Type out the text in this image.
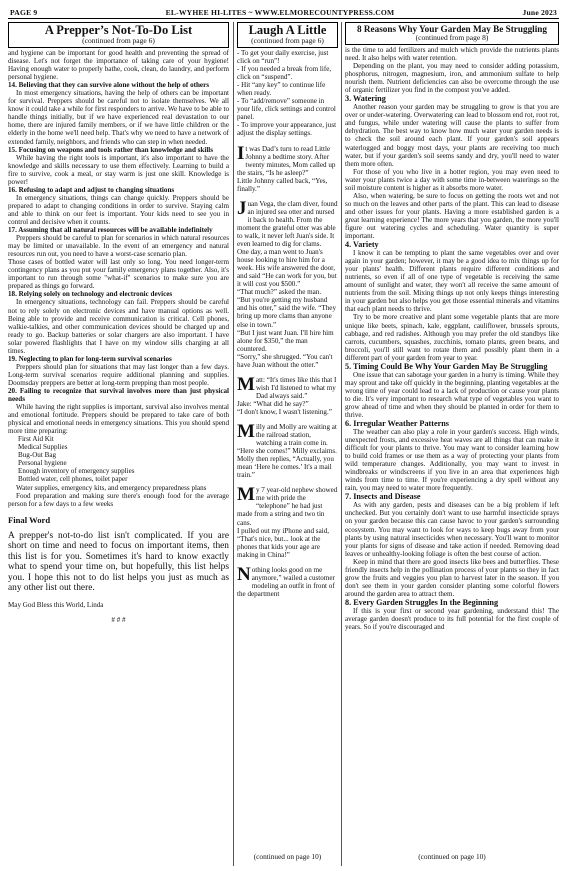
PAGE 9	EL-WYHEE HI-LITES ~ WWW.ELMORECOUNTYPRESS.COM	June 2023
A Prepper’s Not-To-Do List
(continued from page 6)

and hygiene can be important for good health and preventing the spread of disease. Let's not forget the importance of taking care of your hygiene! Having enough water to properly bathe, cook, clean, do laundry, and perform personal hygiene.

14. Believing that they can survive alone without the help of others

In most emergency situations, having the help of others can be important for survival. Preppers should be careful not to isolate themselves. We all know it could take a while for first responders to arrive. We have to be able to handle things initially, but if we have experienced real devastation to our home, there are injured family members, or if we have little children or the elderly in the home we'll need help. That's why we need to have a network of extended family, neighbors, and friends who can step in when needed.

15. Focusing on weapons and tools rather than knowledge and skills

While having the right tools is important, it's also important to have the knowledge and skills necessary to use them effectively. Learning to build a fire to survive, cook a meal, or stay warm is just one skill. Knowledge is power!

16. Refusing to adapt and adjust to changing situations

In emergency situations, things can change quickly. Preppers should be prepared to adapt to changing conditions in order to survive. Staying calm and able to think on our feet is important. Your kids need to see you in control and decisive when it counts.

17. Assuming that all natural resources will be available indefinitely

Preppers should be careful to plan for scenarios in which natural resources may be limited or unavailable. In the event of an emergency and natural resources run out, you need to have a worst-case scenario plan.

Those cases of bottled water will last only so long. You need longer-term contingency plans as you put your family emergency plans together. Also, it's important to run through some "what-if" scenarios to make sure you are prepared as things go forward.

18. Relying solely on technology and electronic devices

In emergency situations, technology can fail. Preppers should be careful not to rely solely on electronic devices and have manual options as well. Being able to provide and receive communication is critical. Cell phones, walkie-talkies, and other communication devices should be charged up and ready to go. Backup batteries or solar chargers are also important. I have solar powered flashlights that I have on my window sills charging at all times.

19. Neglecting to plan for long-term survival scenarios

Preppers should plan for situations that may last longer than a few days. Long-term survival scenarios require additional planning and supplies. Doomsday preppers are better at long-term prepping than most people.

20. Failing to recognize that survival involves more than just physical needs

While having the right supplies is important, survival also involves mental and emotional fortitude. Preppers should be prepared to take care of both physical and emotional needs in emergency situations. This you should spend more time preparing:

First Aid Kit

Medical Supplies

Bug-Out Bag

Personal hygiene

Enough inventory of emergency supplies

Bottled water, cell phones, toilet paper

Water supplies, emergency kits, and emergency preparedness plans

Food preparation and making sure there's enough food for the average person for a few days to a few weeks

Final Word

A prepper's not-to-do list isn't complicated. If you are short on time and need to focus on important items, then this list is for you. Sometimes it's hard to know exactly what to spend your time on, but hopefully, this list helps you. I hope this not to do list helps you just as much as any other list out there.

May God Bless this World, Linda

# # #

Laugh A Little
(continued from page 6)

- To get your daily exercise, just click on “run”!
- If you needed a break from life, click on “suspend”.
- Hit “any key” to continue life when ready.
- To “add/remove” someone in your life, click settings and control panel.
- To improve your appearance, just adjust the display settings.

It was Dad’s turn to read Little Johnny a bedtime story. After twenty minutes, Mom called up the stairs, “Is he asleep?”
Little Johnny called back, “Yes, finally.”

Juan Vega, the clam diver, found an injured sea otter and nursed it back to health. From the moment the grateful otter was able to walk, it never left Juan's side. It even learned to dig for clams.
One day, a man went to Juan's house looking to hire him for a week. His wife answered the door, and said “He can work for you, but it will cost you $500.”
“That much?” asked the man.
“But you're getting my husband and his otter,” said the wife. “They bring up more clams than anyone else in town.”
“But I just want Juan. I'll hire him alone for $350,” the man countered.
“Sorry,” she shrugged. “You can't have Juan without the otter.”

Matt: “It's times like this that I wish I'd listened to what my Dad always said.”
Jake: “What did he say?”
“I don't know, I wasn't listening.”

Milly and Molly are waiting at the railroad station, watching a train come in.
“Here she comes!” Milly exclaims.
Molly then replies, “Actually, you mean ‘Here he comes.’ It's a mail train.”

My 7 year-old nephew showed me with pride the “telephone” he had just made from a string and two tin cans.
I pulled out my iPhone and said, “That's nice, but... look at the phones that kids your age are making in China!”

Nothing looks good on me anymore,” wailed a customer modeling an outfit in front of the department

(continued on page 10)
8 Reasons Why Your Garden May Be Struggling
(continued from page 8)

is the time to add fertilizers and mulch which provide the nutrients plants need. It also helps with water retention.

Depending on the plant, you may need to consider adding potassium, phosphorus, nitrogen, magnesium, iron, and ammonium sulfate to help nourish them. Nutrient deficiencies can also be overcome through the use of organic fertilizer you find in the compost you've added.

3. Watering

Another reason your garden may be struggling to grow is that you are over or under-watering. Overwatering can lead to blossom end rot, root rot, and fungus, while under watering will cause the plants to suffer from dehydration. The best way to know how much water your garden needs is to check the soil around each plant. If your garden's soil appears waterlogged and boggy most days, your plants are receiving too much water, but if your garden's soil seems sandy and dry, you'll need to water them more often.

For those of you who live in a hotter region, you may even need to water your plants twice a day with some time in-between waterings so the soil moisture content is higher as it absorbs more water.

Also, when watering, be sure to focus on getting the roots wet and not so much on the leaves and other parts of the plant. This can lead to disease and other issues for your plants. Having a more established garden is a great learning experience! The more years that you garden, the more you'll figure out watering cycles and scheduling. Water quantity is super important.

4. Variety

I know it can be tempting to plant the same vegetables over and over again in your garden; however, it may be a good idea to mix things up for your plants' health. Different plants require different conditions and nutrients, so even if all of one type of vegetable is receiving the same amount of sunlight and water, they won't all receive the same amount of nutrients from the soil. Mixing things up not only keeps things interesting in your garden but also helps you get those essential minerals and vitamins that each plant needs to thrive.

Try to be more creative and plant some vegetable plants that are more unique like beets, spinach, kale, eggplant, cauliflower, brussels sprouts, cabbage, and red radishes. Although you may prefer the old standbys like carrots, cucumbers, squashes, zucchinis, tomato plants, green beans, and broccoli, you'll still want to rotate them and possibly plant them in a different part of your garden from year to year.

5. Timing Could Be Why Your Garden May Be Struggling

One issue that can sabotage your garden in a hurry is timing. While they may sprout and take off quickly in the beginning, planting vegetables at the wrong time of year could lead to a lack of production or cause your plants to die. It's very important to research what type of vegetables you want to grow ahead of time and when they should be planted in order for them to thrive.

6. Irregular Weather Patterns

The weather can also play a role in your garden's success. High winds, unexpected frosts, and excessive heat waves are all things that can make it difficult for your plants to thrive. You may want to consider learning how to build cold frames or use them as a way of protecting your plants from wild temperature changes. Additionally, you may want to invest in windbreaks or windscreens if you live in an area that experiences high winds from time to time. If you're experiencing a dry spell without any rain, you may need to water more frequently.

7. Insects and Disease

As with any garden, pests and diseases can be a big problem if left unchecked. But you certainly don't want to use harmful insecticide sprays on your garden because this can cause havoc to your garden's surrounding ecosystem. You may want to look for ways to keep bugs away from your plants by using natural insecticides when necessary. You'll want to monitor your plants for signs of disease and take action if needed. Removing dead leaves or unhealthy-looking foliage is often the best course of action.

Keep in mind that there are good insects like bees and butterflies. These friendly insects help in the pollination process of your plants so they in fact grow the fruits and veggies you plan to harvest later in the season. If you don't see them in your garden consider planting some colorful flowers around the garden area to attract them.

8. Every Garden Struggles In the Beginning

If this is your first or second year gardening, understand this! The average garden doesn't produce to its full potential for the first couple of years. So if you're discouraged and

(continued on page 10)
